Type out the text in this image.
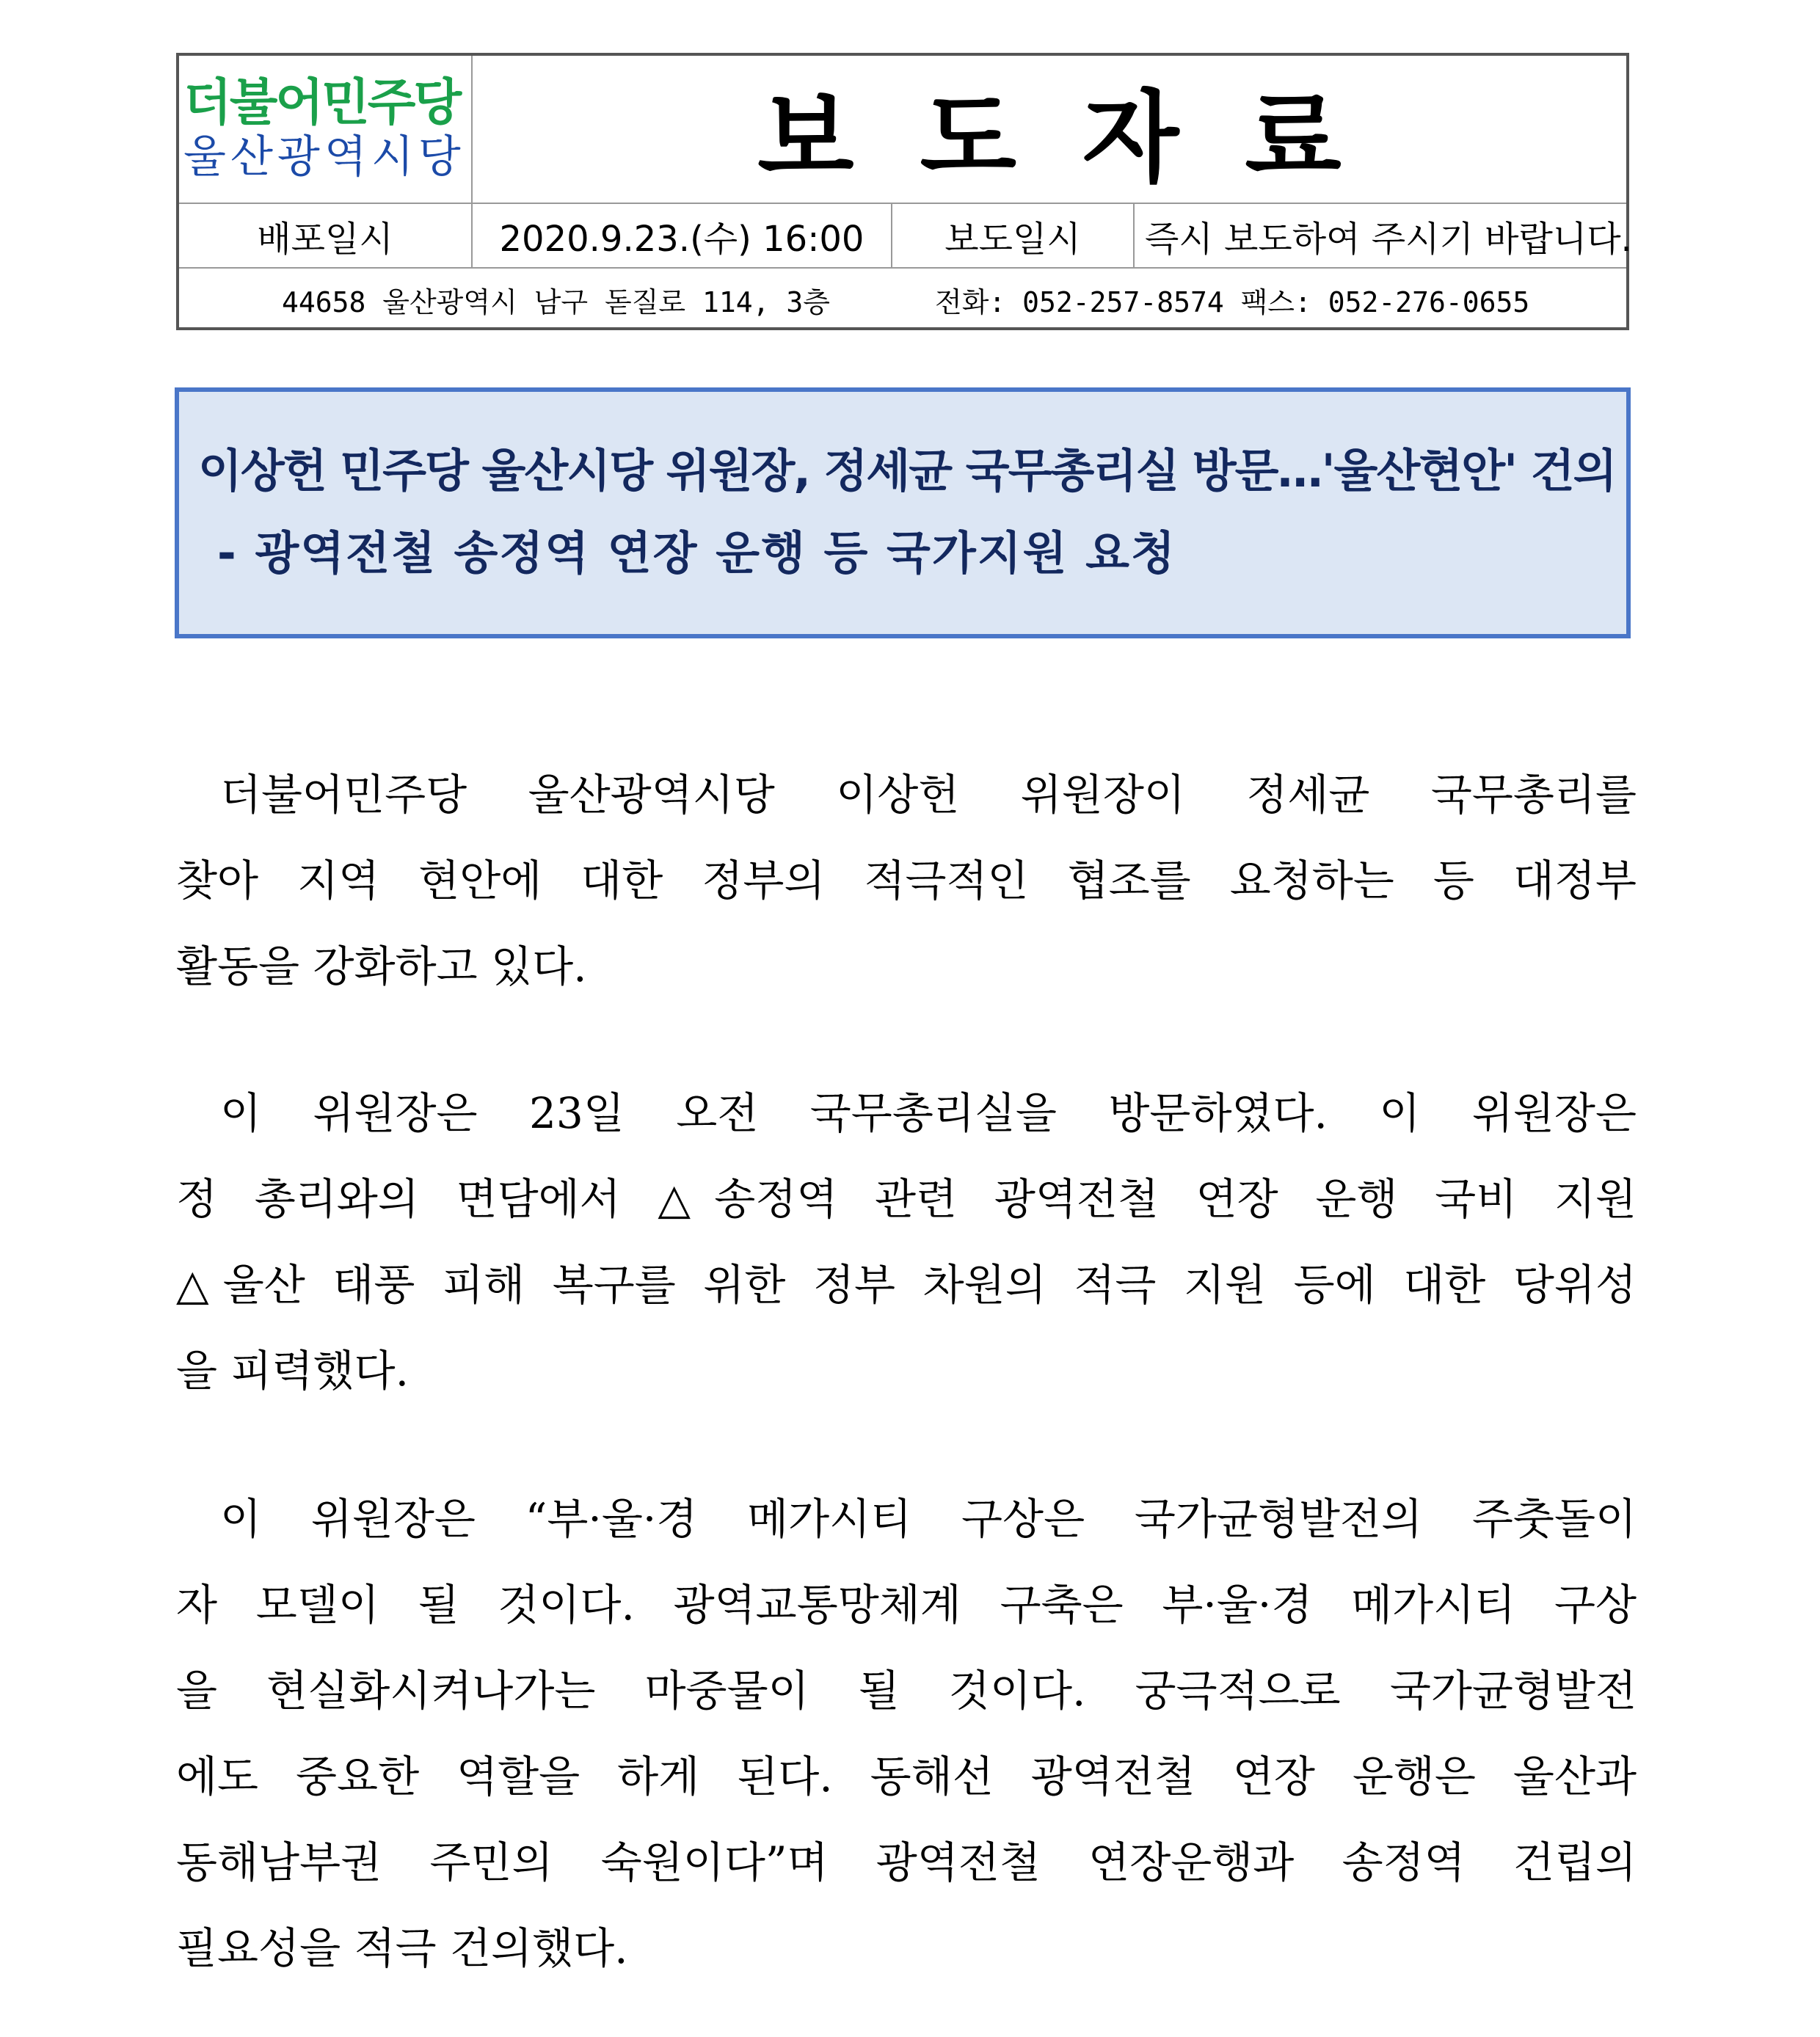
더불어민주당
울산광역시당	보도자료
배포일시	2020.9.23.(수) 16:00	보도일시	즉시 보도하여 주시기 바랍니다.
44658 울산광역시 남구 돋질로 114, 3층	전화: 052-257-8574 팩스: 052-276-0655
이상헌 민주당 울산시당 위원장, 정세균 국무총리실 방문…'울산현안' 건의
- 광역전철 송정역 연장 운행 등 국가지원 요청
더불어민주당 울산광역시당 이상헌 위원장이 정세균 국무총리를
찾아 지역 현안에 대한 정부의 적극적인 협조를 요청하는 등 대정부
활동을 강화하고 있다.
이 위원장은 23일 오전 국무총리실을 방문하였다. 이 위원장은
정 총리와의 면담에서 △송정역 관련 광역전철 연장 운행 국비 지원
△울산 태풍 피해 복구를 위한 정부 차원의 적극 지원 등에 대한 당위성
을 피력했다.
이 위원장은 “부·울·경 메가시티 구상은 국가균형발전의 주춧돌이
자 모델이 될 것이다. 광역교통망체계 구축은 부·울·경 메가시티 구상
을 현실화시켜나가는 마중물이 될 것이다. 궁극적으로 국가균형발전
에도 중요한 역할을 하게 된다. 동해선 광역전철 연장 운행은 울산과
동해남부권 주민의 숙원이다”며 광역전철 연장운행과 송정역 건립의
필요성을 적극 건의했다.
